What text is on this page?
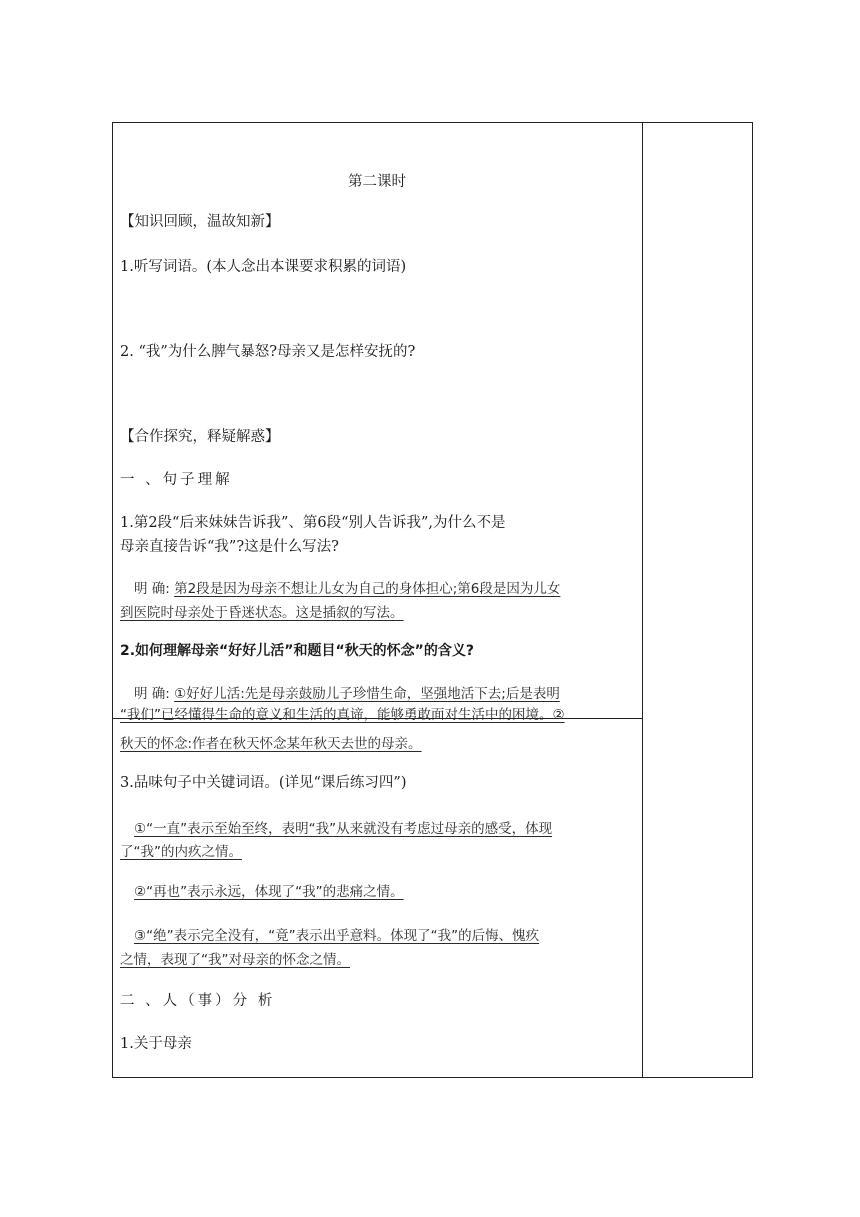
第二课时
【知识回顾，温故知新】
1.听写词语。(本人念出本课要求积累的词语)
2. “我”为什么脾气暴怒?母亲又是怎样安抚的?
【合作探究，释疑解惑】
一 、句子理解
1.第2段“后来妹妹告诉我”、第6段“别人告诉我”,为什么不是
母亲直接告诉“我”?这是什么写法?
明 确: 第2段是因为母亲不想让儿女为自己的身体担心;第6段是因为儿女
到医院时母亲处于昏迷状态。这是插叙的写法。
2.如何理解母亲“好好儿活”和题目“秋天的怀念”的含义?
明 确: ①好好儿活:先是母亲鼓励儿子珍惜生命，坚强地活下去;后是表明
“我们”已经懂得生命的意义和生活的真谛，能够勇敢面对生活中的困境。②
秋天的怀念:作者在秋天怀念某年秋天去世的母亲。
3.品味句子中关键词语。(详见“课后练习四”)
①“一直”表示至始至终，表明“我”从来就没有考虑过母亲的感受，体现
了“我”的内疚之情。
②“再也”表示永远，体现了“我”的悲痛之情。
③“绝”表示完全没有，“竟”表示出乎意料。体现了“我”的后悔、愧疚
之情，表现了“我”对母亲的怀念之情。
二 、人（事）分 析
1.关于母亲
